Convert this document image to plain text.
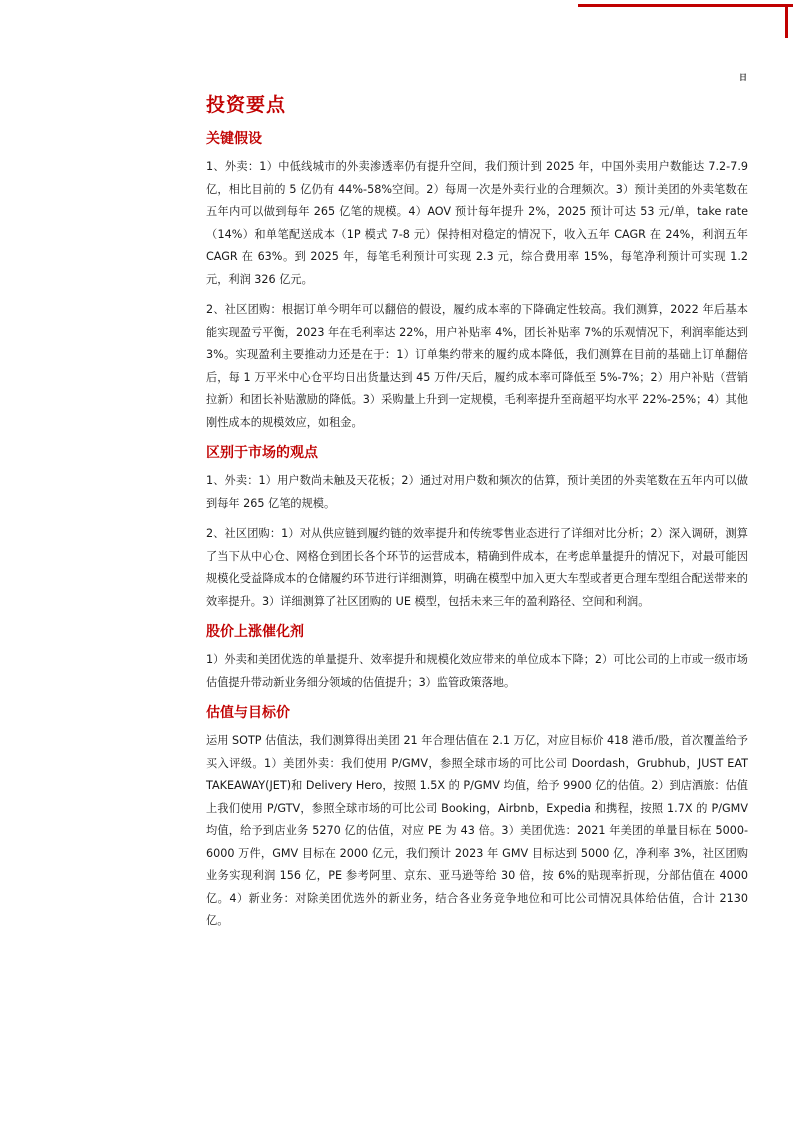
日
投资要点
关键假设

1、外卖：1）中低线城市的外卖渗透率仍有提升空间，我们预计到 2025 年，中国外卖用户数能达 7.2-7.9 亿，相比目前的 5 亿仍有 44%-58%空间。2）每周一次是外卖行业的合理频次。3）预计美团的外卖笔数在五年内可以做到每年 265 亿笔的规模。4）AOV 预计每年提升 2%，2025 预计可达 53 元/单，take rate（14%）和单笔配送成本（1P 模式 7-8 元）保持相对稳定的情况下，收入五年 CAGR 在 24%，利润五年 CAGR 在 63%。到 2025 年，每笔毛利预计可实现 2.3 元，综合费用率 15%，每笔净利预计可实现 1.2 元，利润 326 亿元。

2、社区团购：根据订单今明年可以翻倍的假设，履约成本率的下降确定性较高。我们测算，2022 年后基本能实现盈亏平衡，2023 年在毛利率达 22%，用户补贴率 4%，团长补贴率 7%的乐观情况下，利润率能达到 3%。实现盈利主要推动力还是在于：1）订单集约带来的履约成本降低，我们测算在目前的基础上订单翻倍后，每 1 万平米中心仓平均日出货量达到 45 万件/天后，履约成本率可降低至 5%-7%；2）用户补贴（营销拉新）和团长补贴激励的降低。3）采购量上升到一定规模，毛利率提升至商超平均水平 22%-25%；4）其他刚性成本的规模效应，如租金。

区别于市场的观点

1、外卖：1）用户数尚未触及天花板；2）通过对用户数和频次的估算，预计美团的外卖笔数在五年内可以做到每年 265 亿笔的规模。

2、社区团购：1）对从供应链到履约链的效率提升和传统零售业态进行了详细对比分析；2）深入调研，测算了当下从中心仓、网格仓到团长各个环节的运营成本，精确到件成本，在考虑单量提升的情况下，对最可能因规模化受益降成本的仓储履约环节进行详细测算，明确在模型中加入更大车型或者更合理车型组合配送带来的效率提升。3）详细测算了社区团购的 UE 模型，包括未来三年的盈利路径、空间和利润。

股价上涨催化剂

1）外卖和美团优选的单量提升、效率提升和规模化效应带来的单位成本下降；2）可比公司的上市或一级市场估值提升带动新业务细分领域的估值提升；3）监管政策落地。

估值与目标价

运用 SOTP 估值法，我们测算得出美团 21 年合理估值在 2.1 万亿，对应目标价 418 港币/股，首次覆盖给予买入评级。1）美团外卖：我们使用 P/GMV，参照全球市场的可比公司 Doordash，Grubhub，JUST EAT TAKEAWAY(JET)和 Delivery Hero，按照 1.5X 的 P/GMV 均值，给予 9900 亿的估值。2）到店酒旅：估值上我们使用 P/GTV，参照全球市场的可比公司 Booking，Airbnb，Expedia 和携程，按照 1.7X 的 P/GMV 均值，给予到店业务 5270 亿的估值，对应 PE 为 43 倍。3）美团优选：2021 年美团的单量目标在 5000-6000 万件，GMV 目标在 2000 亿元，我们预计 2023 年 GMV 目标达到 5000 亿，净利率 3%，社区团购业务实现利润 156 亿，PE 参考阿里、京东、亚马逊等给 30 倍，按 6%的贴现率折现，分部估值在 4000 亿。4）新业务：对除美团优选外的新业务，结合各业务竞争地位和可比公司情况具体给估值，合计 2130 亿。
